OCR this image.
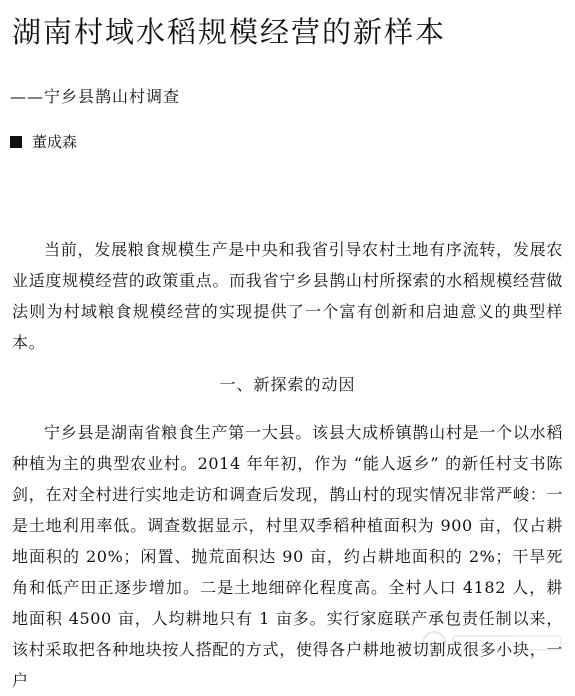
湖南村域水稻规模经营的新样本
——宁乡县鹊山村调查
董成森

当前，发展粮食规模生产是中央和我省引导农村土地有序流转，发展农业适度规模经营的政策重点。而我省宁乡县鹊山村所探索的水稻规模经营做法则为村域粮食规模经营的实现提供了一个富有创新和启迪意义的典型样本。

一、新探索的动因

宁乡县是湖南省粮食生产第一大县。该县大成桥镇鹊山村是一个以水稻种植为主的典型农业村。2014 年年初，作为 “能人返乡” 的新任村支书陈剑，在对全村进行实地走访和调查后发现，鹊山村的现实情况非常严峻：一是土地利用率低。调查数据显示，村里双季稻种植面积为 900 亩，仅占耕地面积的 20%；闲置、抛荒面积达 90 亩，约占耕地面积的 2%；干旱死角和低产田正逐步增加。二是土地细碎化程度高。全村人口 4182 人，耕地面积 4500 亩，人均耕地只有 1 亩多。实行家庭联产承包责任制以来，该村采取把各种地块按人搭配的方式，使得各户耕地被切割成很多小块，一户
